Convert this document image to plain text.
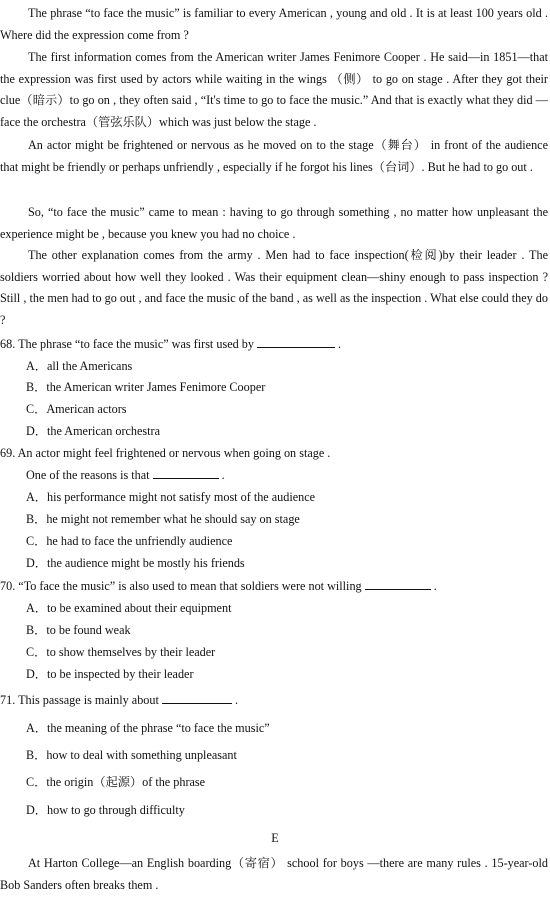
The phrase “to face the music” is familiar to every American , young and old . It is at least 100 years old . Where did the expression come from ?

The first information comes from the American writer James Fenimore Cooper . He said—in 1851—that the expression was first used by actors while waiting in the wings （侧） to go on stage . After they got their clue（暗示）to go on , they often said , “It's time to go to face the music.” And that is exactly what they did —face the orchestra（管弦乐队）which was just below the stage .

An actor might be frightened or nervous as he moved on to the stage（舞台） in front of the audience that might be friendly or perhaps unfriendly , especially if he forgot his lines（台词）. But he had to go out .

So, “to face the music” came to mean : having to go through something , no matter how unpleasant the experience might be , because you knew you had no choice .

The other explanation comes from the army . Men had to face inspection(检阅)by their leader . The soldiers worried about how well they looked . Was their equipment clean—shiny enough to pass inspection ? Still , the men had to go out , and face the music of the band , as well as the inspection . What else could they do ?

68. The phrase “to face the music” was first used by	.

A．all the Americans

B．the American writer James Fenimore Cooper

C．American actors

D．the American orchestra

69. An actor might feel frightened or nervous when going on stage .

One of the reasons is that	.

A．his performance might not satisfy most of the audience

B．he might not remember what he should say on stage

C．he had to face the unfriendly audience

D．the audience might be mostly his friends

70. “To face the music” is also used to mean that soldiers were not willing	.

A．to be examined about their equipment

B．to be found weak

C．to show themselves by their leader

D．to be inspected by their leader

71. This passage is mainly about	.

A．the meaning of the phrase “to face the music”

B．how to deal with something unpleasant

C．the origin（起源）of the phrase

D．how to go through difficulty

E

At Harton College—an English boarding（寄宿） school for boys —there are many rules . 15-year-old Bob Sanders often breaks them .
